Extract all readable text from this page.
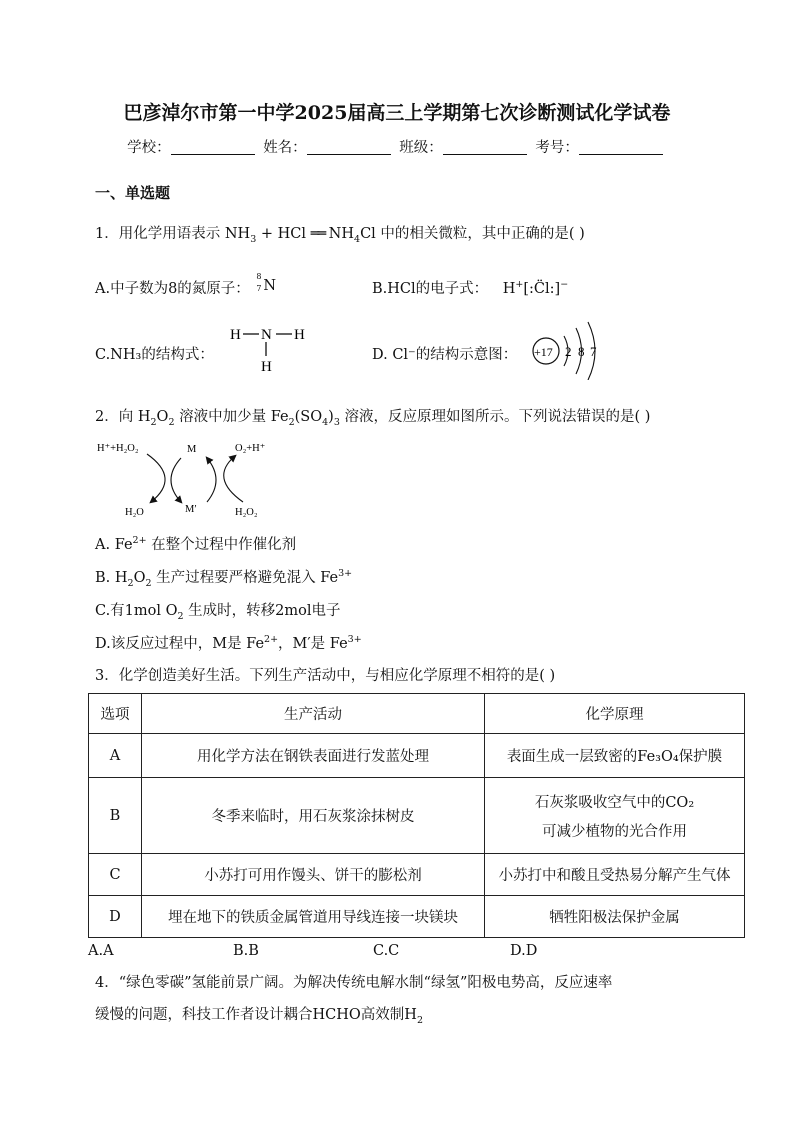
巴彦淖尔市第一中学2025届高三上学期第七次诊断测试化学试卷
学校：	姓名：	班级：	考号：
一、单选题
1．用化学用语表示 $NH_3$ + HCl ══ $NH_4Cl$ 中的相关微粒，其中正确的是( )
A.中子数为8的氮原子：
8
7 N	B.HCl的电子式： H+[:C̈l:]−
C.NH₃的结构式：
H N H
H
D. Cl⁻的结构示意图： +17 2 8 7
2．向 $H_2O_2$ 溶液中加少量 $Fe_2(SO_4)_3$ 溶液，反应原理如图所示。下列说法错误的是( )
H⁺+H₂O₂	M	O₂+H⁺
H₂O	M′	H₂O₂
A. $Fe^{2+}$ 在整个过程中作催化剂
B. $H_2O_2$ 生产过程要严格避免混入 $Fe^{3+}$
C.有1mol $O_2$ 生成时，转移2mol电子
D.该反应过程中，M是 $Fe^{2+}$，M′是 $Fe^{3+}$
3．化学创造美好生活。下列生产活动中，与相应化学原理不相符的是( )
选项	生产活动	化学原理
A	用化学方法在钢铁表面进行发蓝处理	表面生成一层致密的Fe₃O₄保护膜
B	冬季来临时，用石灰浆涂抹树皮	石灰浆吸收空气中的CO₂
可减少植物的光合作用

C	小苏打可用作馒头、饼干的膨松剂	小苏打中和酸且受热易分解产生气体
D	埋在地下的铁质金属管道用导线连接一块镁块	牺牲阳极法保护金属
A.A	B.B	C.C	D.D
4．“绿色零碳”氢能前景广阔。为解决传统电解水制“绿氢”阳极电势高，反应速率
缓慢的问题，科技工作者设计耦合HCHO高效制$H_2$
